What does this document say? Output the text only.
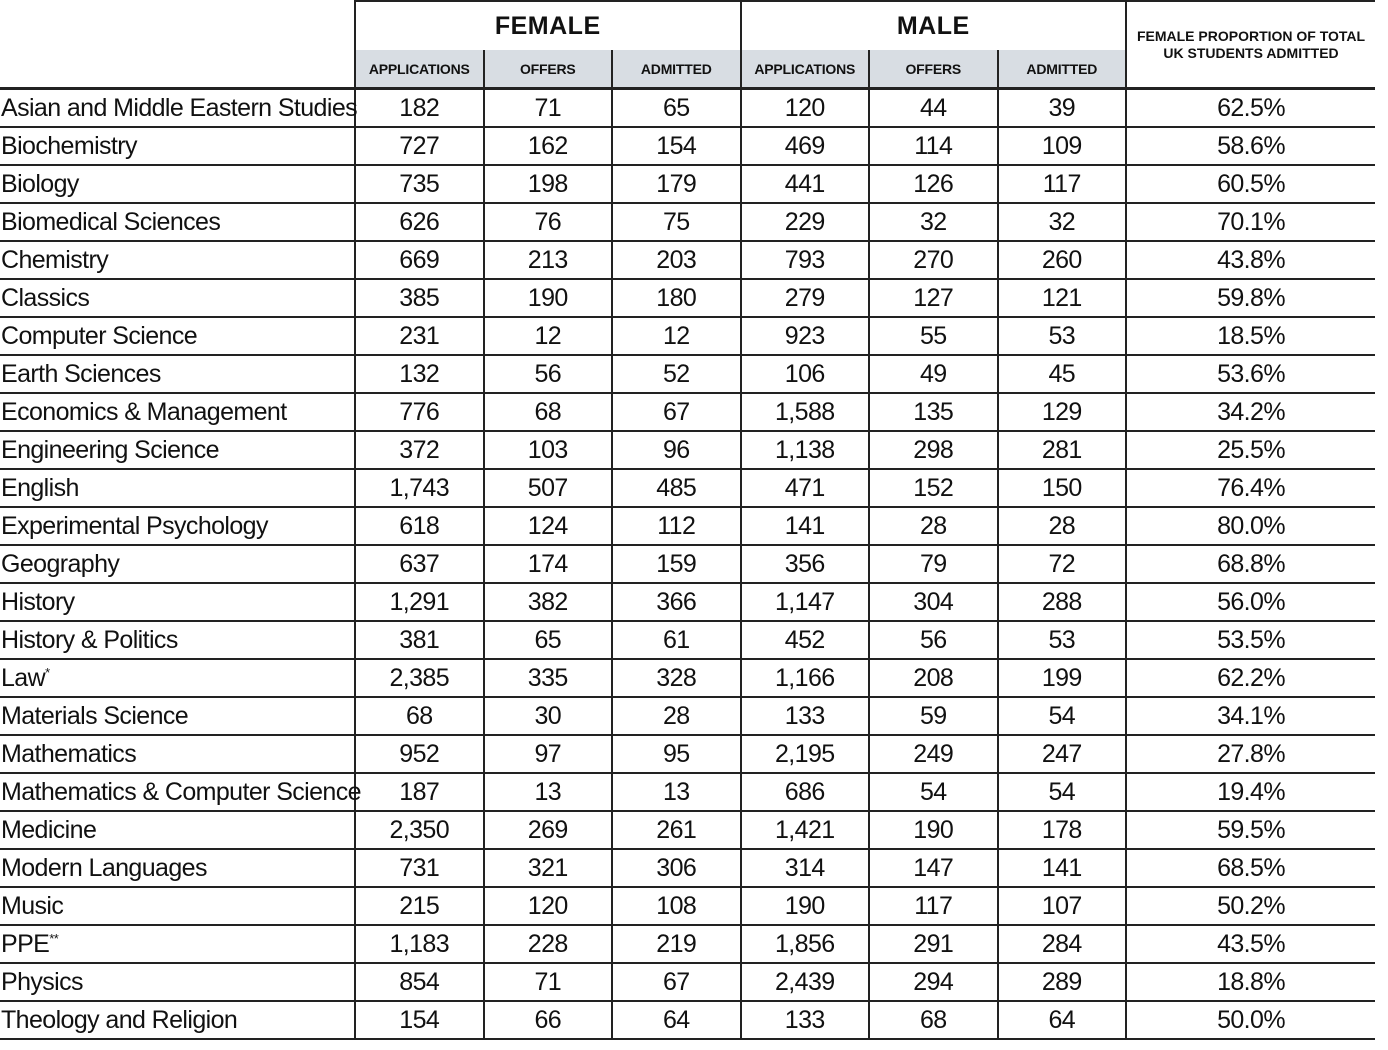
	FEMALE			MALE			FEMALE PROPORTION OF TOTAL
UK STUDENTS ADMITTED

	APPLICATIONS	OFFERS	ADMITTED	APPLICATIONS	OFFERS	ADMITTED	
Asian and Middle Eastern Studies	182	71	65	120	44	39	62.5%
Biochemistry	727	162	154	469	114	109	58.6%
Biology	735	198	179	441	126	117	60.5%
Biomedical Sciences	626	76	75	229	32	32	70.1%
Chemistry	669	213	203	793	270	260	43.8%
Classics	385	190	180	279	127	121	59.8%
Computer Science	231	12	12	923	55	53	18.5%
Earth Sciences	132	56	52	106	49	45	53.6%
Economics & Management	776	68	67	1,588	135	129	34.2%
Engineering Science	372	103	96	1,138	298	281	25.5%
English	1,743	507	485	471	152	150	76.4%
Experimental Psychology	618	124	112	141	28	28	80.0%
Geography	637	174	159	356	79	72	68.8%
History	1,291	382	366	1,147	304	288	56.0%
History & Politics	381	65	61	452	56	53	53.5%
Law*	2,385	335	328	1,166	208	199	62.2%
Materials Science	68	30	28	133	59	54	34.1%
Mathematics	952	97	95	2,195	249	247	27.8%
Mathematics & Computer Science	187	13	13	686	54	54	19.4%
Medicine	2,350	269	261	1,421	190	178	59.5%
Modern Languages	731	321	306	314	147	141	68.5%
Music	215	120	108	190	117	107	50.2%
PPE**	1,183	228	219	1,856	291	284	43.5%
Physics	854	71	67	2,439	294	289	18.8%
Theology and Religion	154	66	64	133	68	64	50.0%
